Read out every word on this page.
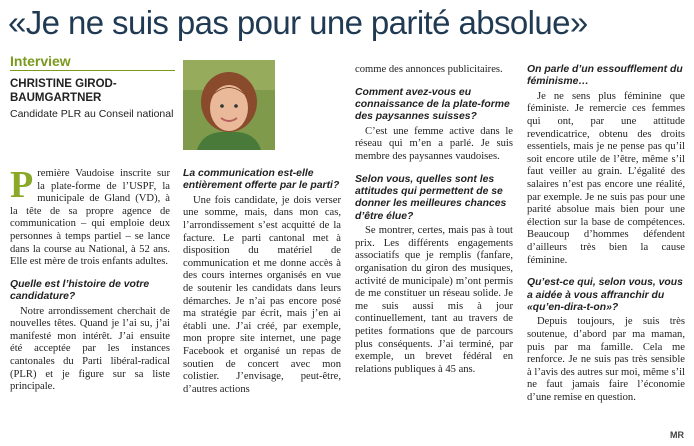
«Je ne suis pas pour une parité absolue»
Interview
CHRISTINE GIROD-BAUMGARTNER
Candidate PLR au Conseil national

Première Vaudoise inscrite sur la plate-forme de l’USPF, la municipale de Gland (VD), à la tête de sa propre agence de communication – qui emploie deux personnes à temps partiel – se lance dans la course au National, à 52 ans. Elle est mère de trois enfants adultes.

Quelle est l’histoire de votre candidature?

Notre arrondissement cherchait de nouvelles têtes. Quand je l’ai su, j’ai manifesté mon intérêt. J’ai ensuite été acceptée par les instances cantonales du Parti libéral-radical (PLR) et je figure sur sa liste principale.

La communication est-elle entièrement offerte par le parti?

Une fois candidate, je dois verser une somme, mais, dans mon cas, l’arrondissement s’est acquitté de la facture. Le parti cantonal met à disposition du matériel de communication et me donne accès à des cours internes organisés en vue de soutenir les candidats dans leurs démarches. Je n’ai pas encore posé ma stratégie par écrit, mais j’en ai établi une. J’ai créé, par exemple, mon propre site internet, une page Facebook et organisé un repas de soutien de concert avec mon colistier. J’envisage, peut-être, d’autres actions

comme des annonces publicitaires.

Comment avez-vous eu connaissance de la plate-forme des paysannes suisses?

C’est une femme active dans le réseau qui m’en a parlé. Je suis membre des paysannes vaudoises.

Selon vous, quelles sont les attitudes qui permettent de se donner les meilleures chances d’être élue?

Se montrer, certes, mais pas à tout prix. Les différents engagements associatifs que je remplis (fanfare, organisation du giron des musiques, activité de municipale) m’ont permis de me constituer un réseau solide. Je me suis aussi mis à jour continuellement, tant au travers de petites formations que de parcours plus conséquents. J’ai terminé, par exemple, un brevet fédéral en relations publiques à 45 ans.

On parle d’un essoufflement du féminisme…

Je ne sens plus féminine que féministe. Je remercie ces femmes qui ont, par une attitude revendicatrice, obtenu des droits essentiels, mais je ne pense pas qu’il soit encore utile de l’être, même s’il faut veiller au grain. L’égalité des salaires n’est pas encore une réalité, par exemple. Je ne suis pas pour une parité absolue mais bien pour une élection sur la base de compétences. Beaucoup d’hommes défendent d’ailleurs très bien la cause féminine.

Qu’est-ce qui, selon vous, vous a aidée à vous affranchir du «qu’en-dira-t-on»?

Depuis toujours, je suis très soutenue, d’abord par ma maman, puis par ma famille. Cela me renforce. Je ne suis pas très sensible à l’avis des autres sur moi, même s’il ne faut jamais faire l’économie d’une remise en question.

MR
